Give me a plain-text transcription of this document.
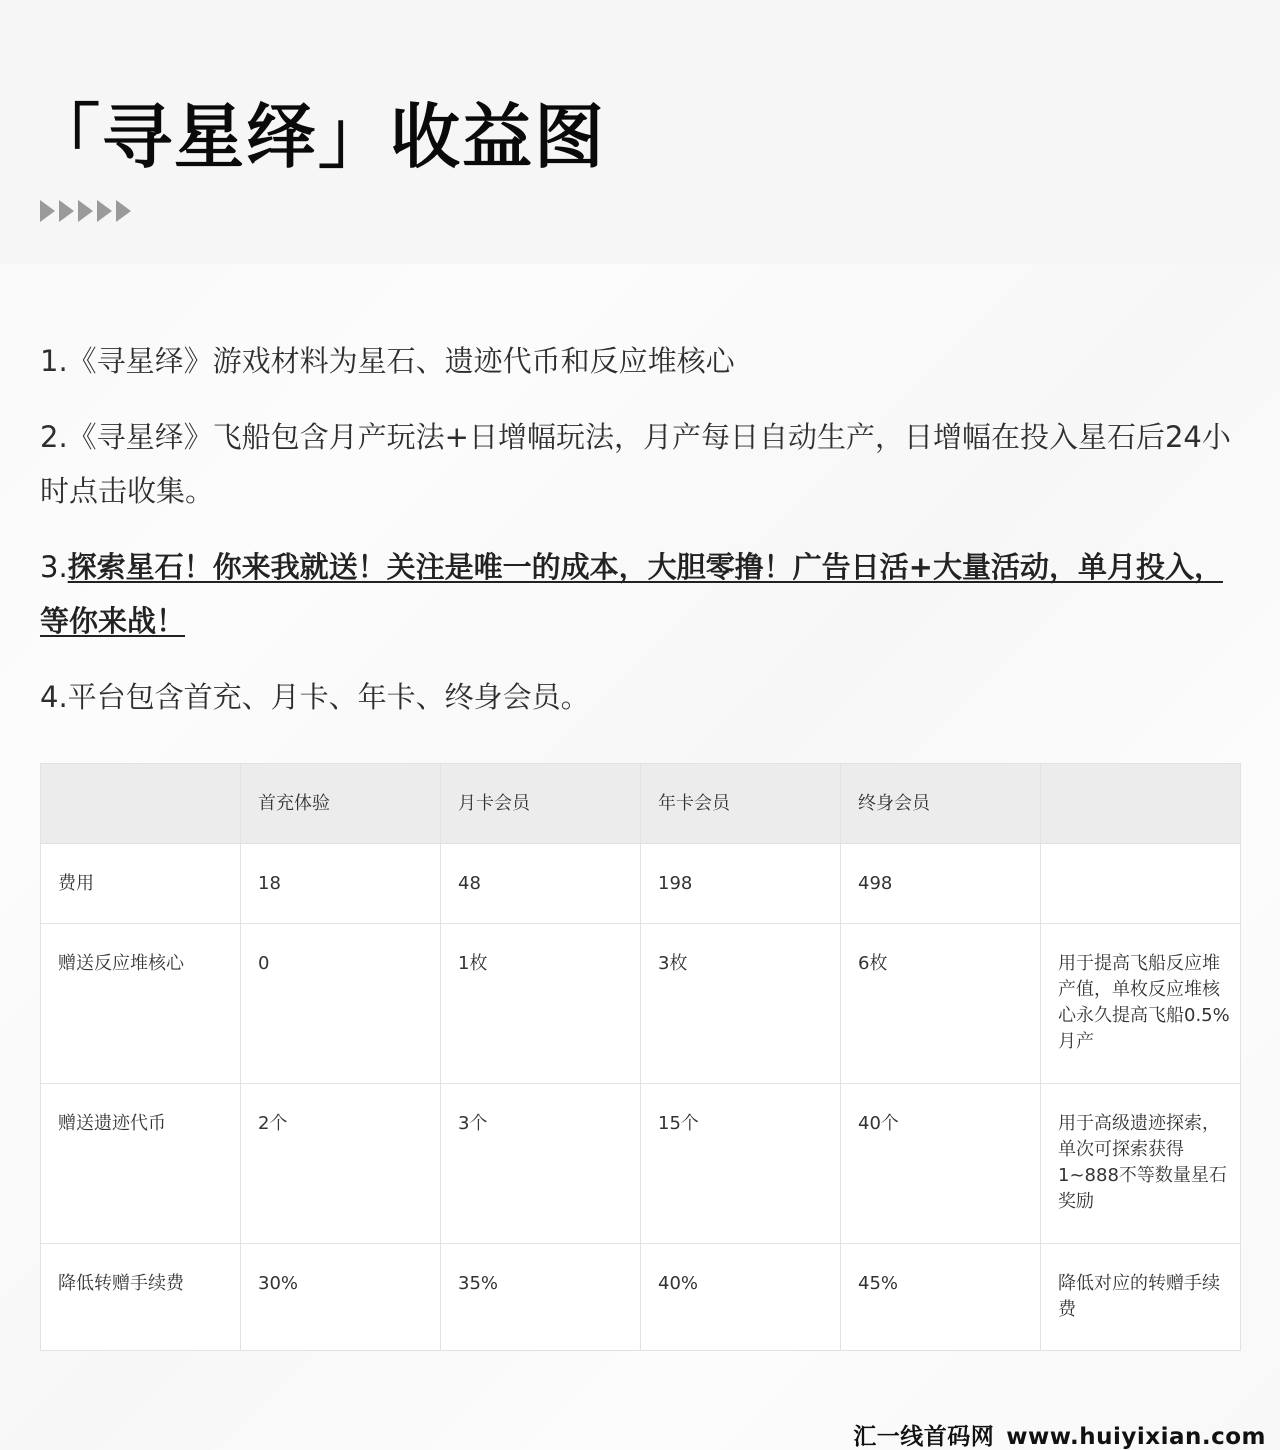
「寻星绎」收益图

1.《寻星绎》游戏材料为星石、遗迹代币和反应堆核心

2.《寻星绎》飞船包含月产玩法+日增幅玩法，月产每日自动生产，日增幅在投入星石后24小时点击收集。

3.探索星石！你来我就送！关注是唯一的成本，大胆零撸！广告日活+大量活动，单月投入，等你来战！

4.平台包含首充、月卡、年卡、终身会员。

	首充体验	月卡会员	年卡会员	终身会员	
费用	18	48	198	498	
赠送反应堆核心	0	1枚	3枚	6枚	用于提高飞船反应堆产值，单枚反应堆核心永久提高飞船0.5%月产
赠送遗迹代币	2个	3个	15个	40个	用于高级遗迹探索，单次可探索获得1~888不等数量星石奖励
降低转赠手续费	30%	35%	40%	45%	降低对应的转赠手续费
汇一线首码网 www.huiyixian.com
